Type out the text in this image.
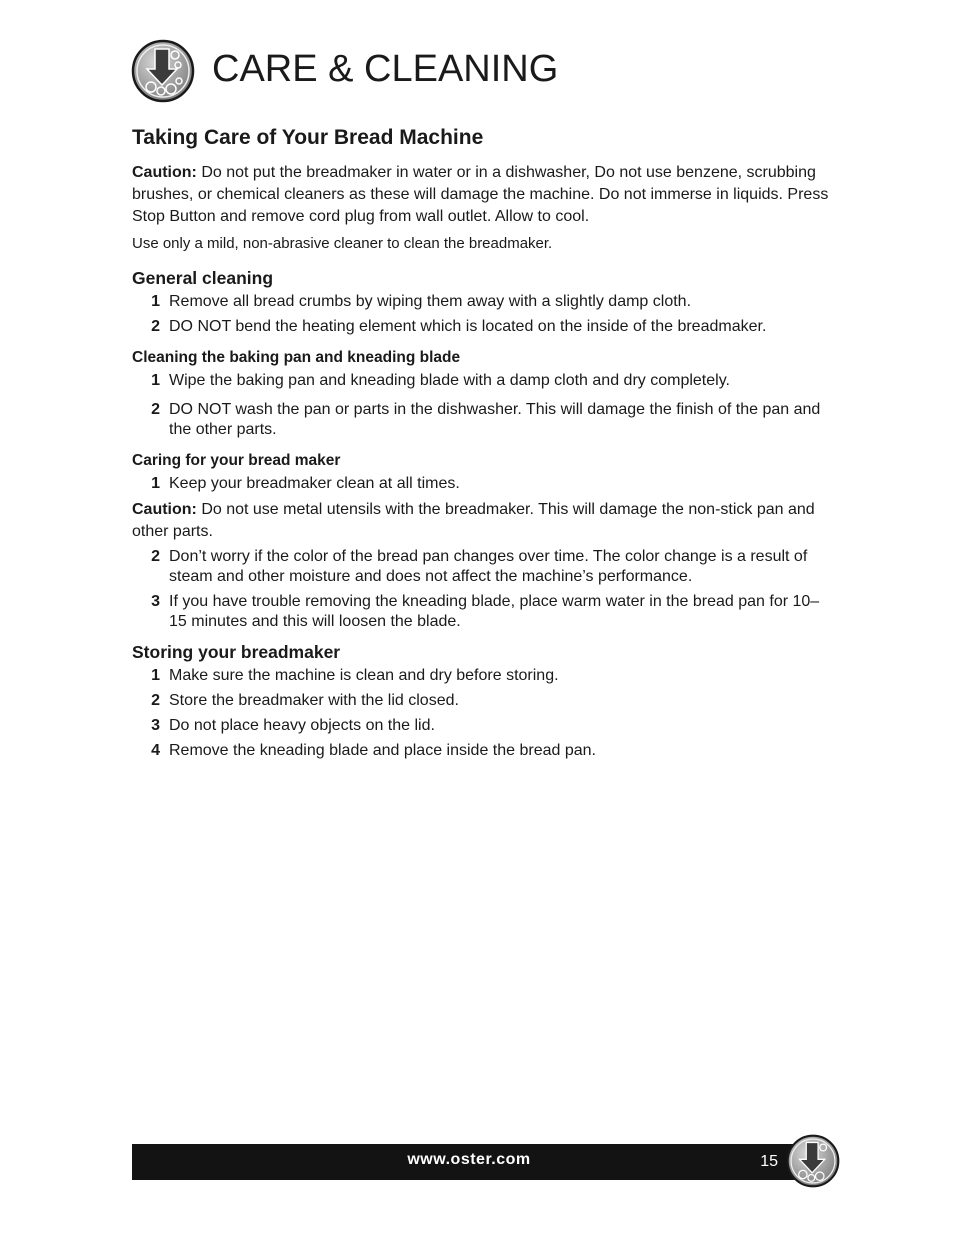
CARE & CLEANING
Taking Care of Your Bread Machine

Caution: Do not put the breadmaker in water or in a dishwasher, Do not use benzene, scrubbing brushes, or chemical cleaners as these will damage the machine. Do not immerse in liquids. Press Stop Button and remove cord plug from wall outlet. Allow to cool.

Use only a mild, non-abrasive cleaner to clean the breadmaker.

General cleaning
1 Remove all bread crumbs by wiping them away with a slightly damp cloth.
2 DO NOT bend the heating element which is located on the inside of the breadmaker.
Cleaning the baking pan and kneading blade
1 Wipe the baking pan and kneading blade with a damp cloth and dry completely.
2 DO NOT wash the pan or parts in the dishwasher. This will damage the finish of the pan and the other parts.
Caring for your bread maker
1 Keep your breadmaker clean at all times.

Caution: Do not use metal utensils with the breadmaker. This will damage the non-stick pan and other parts.

2 Don’t worry if the color of the bread pan changes over time. The color change is a result of steam and other moisture and does not affect the machine’s performance.
3 If you have trouble removing the kneading blade, place warm water in the bread pan for 10–15 minutes and this will loosen the blade.
Storing your breadmaker
1 Make sure the machine is clean and dry before storing.
2 Store the breadmaker with the lid closed.
3 Do not place heavy objects on the lid.
4 Remove the kneading blade and place inside the bread pan.
www.oster.com	15
